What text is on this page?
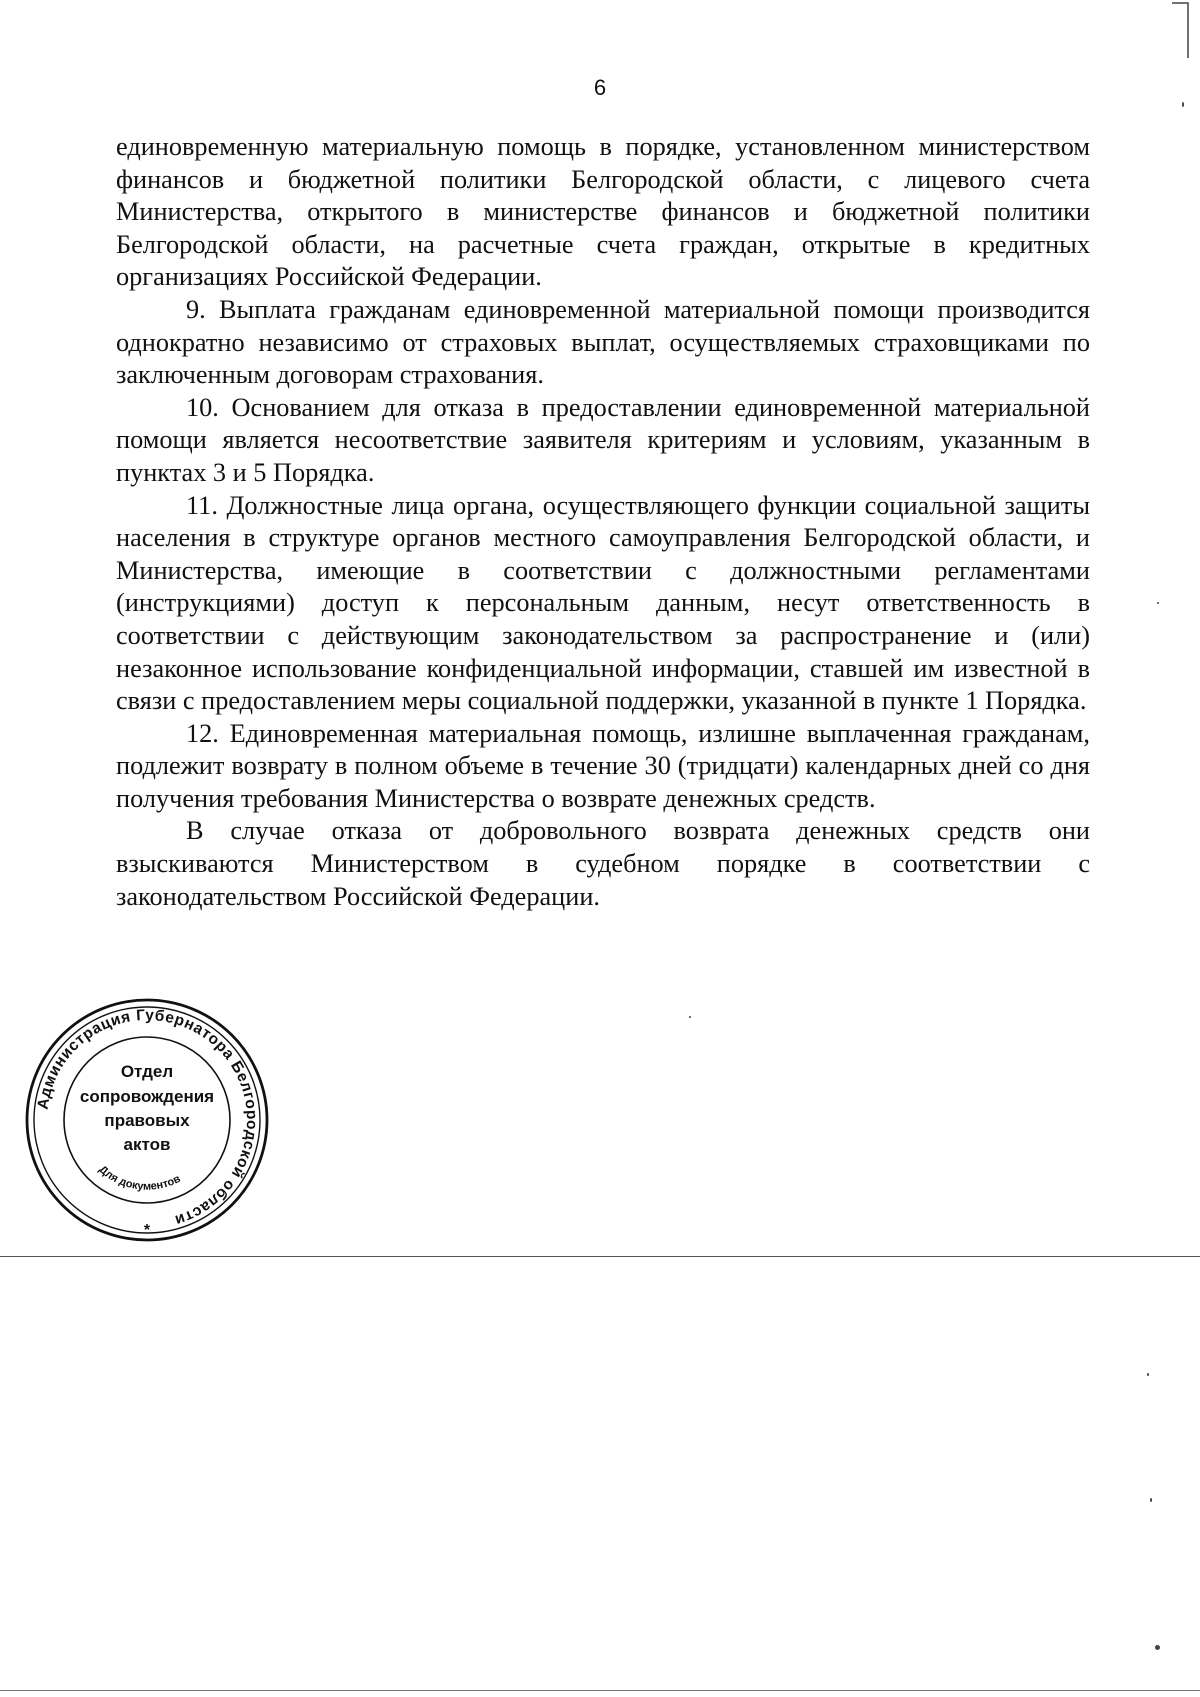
6

единовременную материальную помощь в порядке, установленном министерством финансов и бюджетной политики Белгородской области, с лицевого счета Министерства, открытого в министерстве финансов и бюджетной политики Белгородской области, на расчетные счета граждан, открытые в кредитных организациях Российской Федерации.

9. Выплата гражданам единовременной материальной помощи производится однократно независимо от страховых выплат, осуществляемых страховщиками по заключенным договорам страхования.

10. Основанием для отказа в предоставлении единовременной материальной помощи является несоответствие заявителя критериям и условиям, указанным в пунктах 3 и 5 Порядка.

11. Должностные лица органа, осуществляющего функции социальной защиты населения в структуре органов местного самоуправления Белгородской области, и Министерства, имеющие в соответствии с должностными регламентами (инструкциями) доступ к персональным данным, несут ответственность в соответствии с действующим законодательством за распространение и (или) незаконное использование конфиденциальной информации, ставшей им известной в связи с предоставлением меры социальной поддержки, указанной в пункте 1 Порядка.

12. Единовременная материальная помощь, излишне выплаченная гражданам, подлежит возврату в полном объеме в течение 30 (тридцати) календарных дней со дня получения требования Министерства о возврате денежных средств.

В случае отказа от добровольного возврата денежных средств они взыскиваются Министерством в судебном порядке в соответствии с законодательством Российской Федерации.

Администрация Губернатора Белгородской области
Для документов
Отдел
сопровождения
правовых
актов
*
